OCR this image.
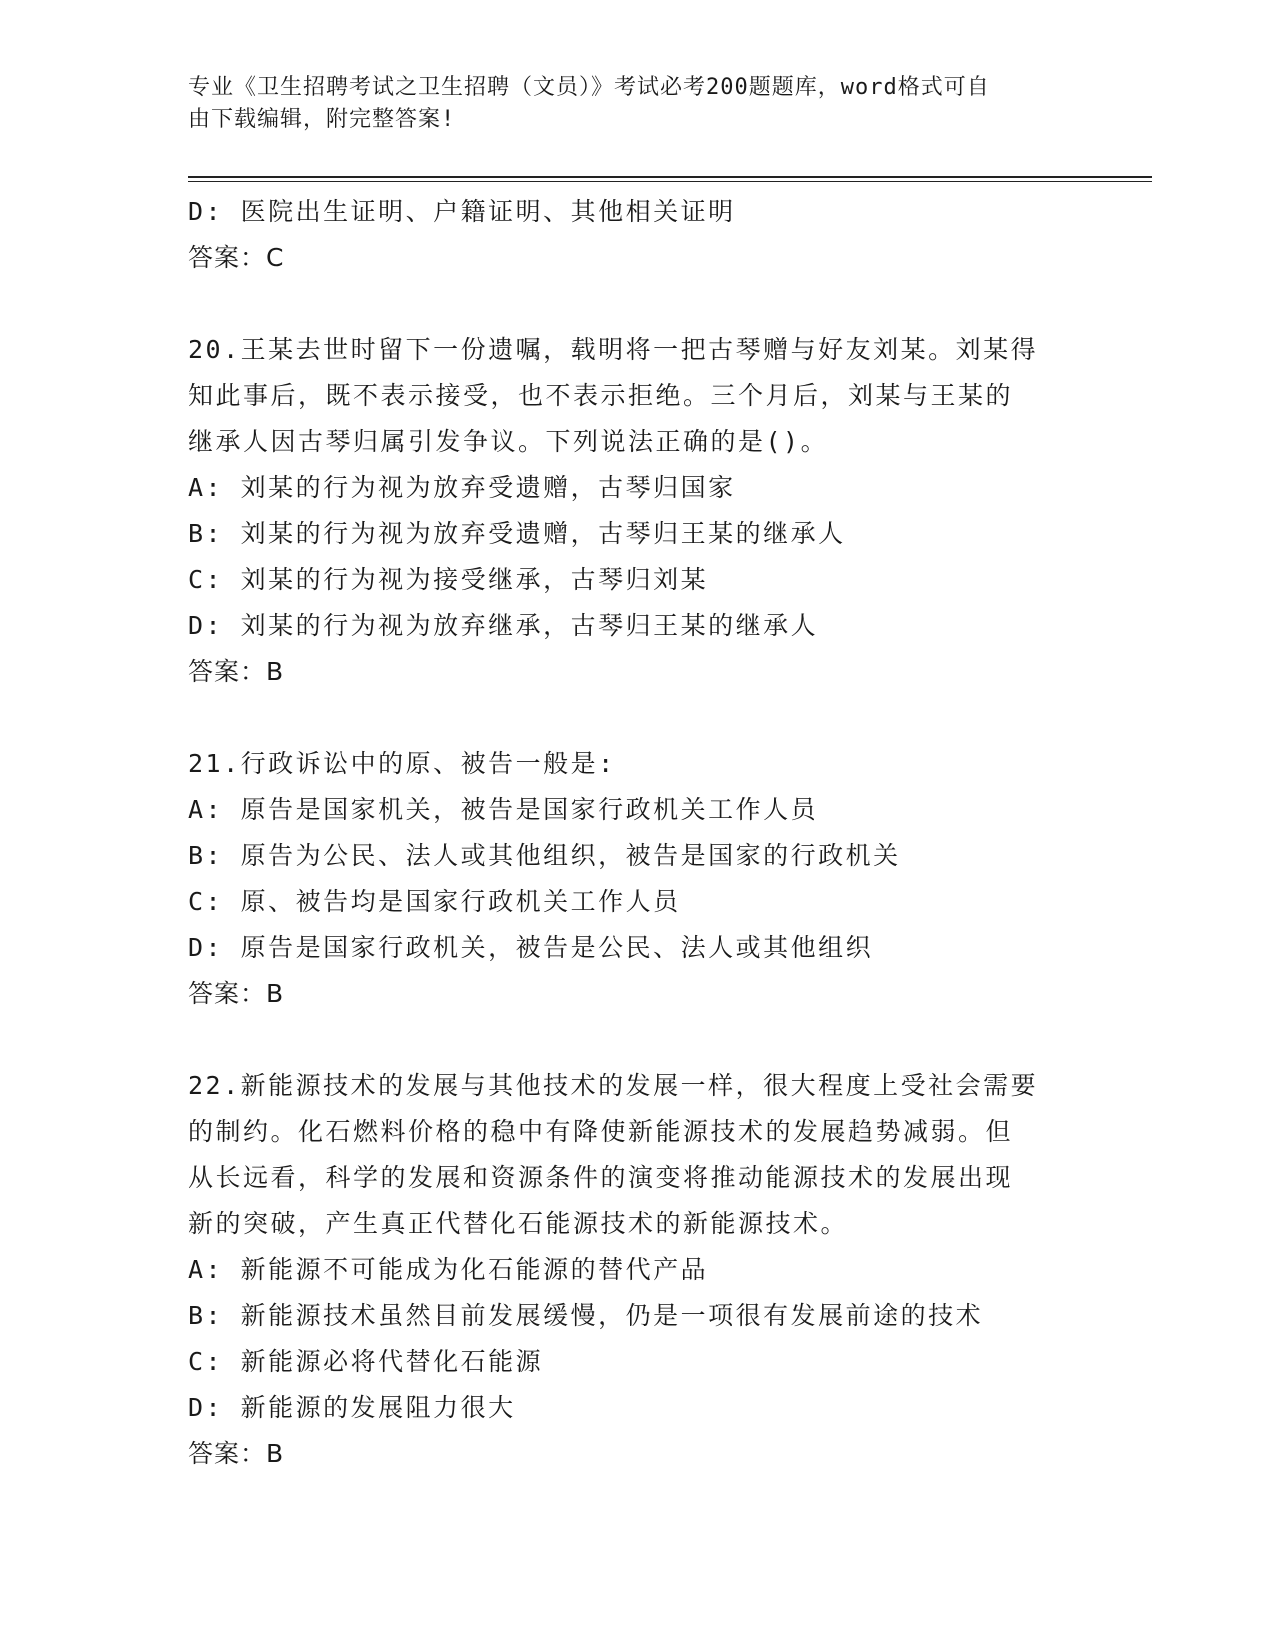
专业《卫生招聘考试之卫生招聘（文员）》考试必考200题题库，word格式可自
由下载编辑，附完整答案!
D: 医院出生证明、户籍证明、其他相关证明
答案：C
20.王某去世时留下一份遗嘱，载明将一把古琴赠与好友刘某。刘某得
知此事后，既不表示接受，也不表示拒绝。三个月后，刘某与王某的
继承人因古琴归属引发争议。下列说法正确的是()。
A: 刘某的行为视为放弃受遗赠，古琴归国家
B: 刘某的行为视为放弃受遗赠，古琴归王某的继承人
C: 刘某的行为视为接受继承，古琴归刘某
D: 刘某的行为视为放弃继承，古琴归王某的继承人
答案：B
21.行政诉讼中的原、被告一般是:
A: 原告是国家机关，被告是国家行政机关工作人员
B: 原告为公民、法人或其他组织，被告是国家的行政机关
C: 原、被告均是国家行政机关工作人员
D: 原告是国家行政机关，被告是公民、法人或其他组织
答案：B
22.新能源技术的发展与其他技术的发展一样，很大程度上受社会需要
的制约。化石燃料价格的稳中有降使新能源技术的发展趋势减弱。但
从长远看，科学的发展和资源条件的演变将推动能源技术的发展出现
新的突破，产生真正代替化石能源技术的新能源技术。
A: 新能源不可能成为化石能源的替代产品
B: 新能源技术虽然目前发展缓慢，仍是一项很有发展前途的技术
C: 新能源必将代替化石能源
D: 新能源的发展阻力很大
答案：B
